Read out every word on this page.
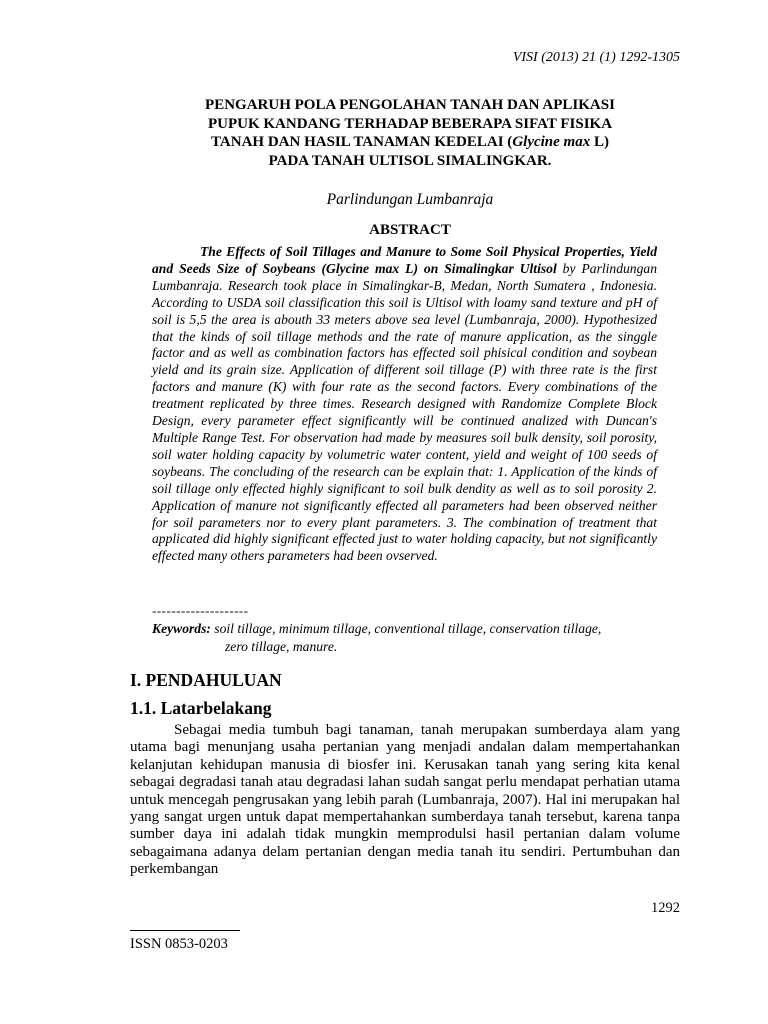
VISI (2013) 21 (1) 1292-1305
PENGARUH POLA PENGOLAHAN TANAH DAN APLIKASI
PUPUK KANDANG TERHADAP BEBERAPA SIFAT FISIKA
TANAH DAN HASIL TANAMAN KEDELAI (Glycine max L)
PADA TANAH ULTISOL SIMALINGKAR.
Parlindungan Lumbanraja
ABSTRACT

The Effects of Soil Tillages and Manure to Some Soil Physical Properties, Yield and Seeds Size of Soybeans (Glycine max L) on Simalingkar Ultisol by Parlindungan Lumbanraja. Research took place in Simalingkar-B, Medan, North Sumatera , Indonesia. According to USDA soil classification this soil is Ultisol with loamy sand texture and pH of soil is 5,5 the area is abouth 33 meters above sea level (Lumbanraja, 2000). Hypothesized that the kinds of soil tillage methods and the rate of manure application, as the singgle factor and as well as combination factors has effected soil phisical condition and soybean yield and its grain size. Application of different soil tillage (P) with three rate is the first factors and manure (K) with four rate as the second factors. Every combinations of the treatment replicated by three times. Research designed with Randomize Complete Block Design, every parameter effect significantly will be continued analized with Duncan's Multiple Range Test. For observation had made by measures soil bulk density, soil porosity, soil water holding capacity by volumetric water content, yield and weight of 100 seeds of soybeans. The concluding of the research can be explain that: 1. Application of the kinds of soil tillage only effected highly significant to soil bulk dendity as well as to soil porosity 2. Application of manure not significantly effected all parameters had been observed neither for soil parameters nor to every plant parameters. 3. The combination of treatment that applicated did highly significant effected just to water holding capacity, but not significantly effected many others parameters had been ovserved.

--------------------
Keywords: soil tillage, minimum tillage, conventional tillage, conservation tillage,
zero tillage, manure.
I. PENDAHULUAN
1.1. Latarbelakang

Sebagai media tumbuh bagi tanaman, tanah merupakan sumberdaya alam yang utama bagi menunjang usaha pertanian yang menjadi andalan dalam mempertahankan kelanjutan kehidupan manusia di biosfer ini. Kerusakan tanah yang sering kita kenal sebagai degradasi tanah atau degradasi lahan sudah sangat perlu mendapat perhatian utama untuk mencegah pengrusakan yang lebih parah (Lumbanraja, 2007). Hal ini merupakan hal yang sangat urgen untuk dapat mempertahankan sumberdaya tanah tersebut, karena tanpa sumber daya ini adalah tidak mungkin memprodulsi hasil pertanian dalam volume sebagaimana adanya delam pertanian dengan media tanah itu sendiri. Pertumbuhan dan perkembangan

1292
ISSN 0853-0203
